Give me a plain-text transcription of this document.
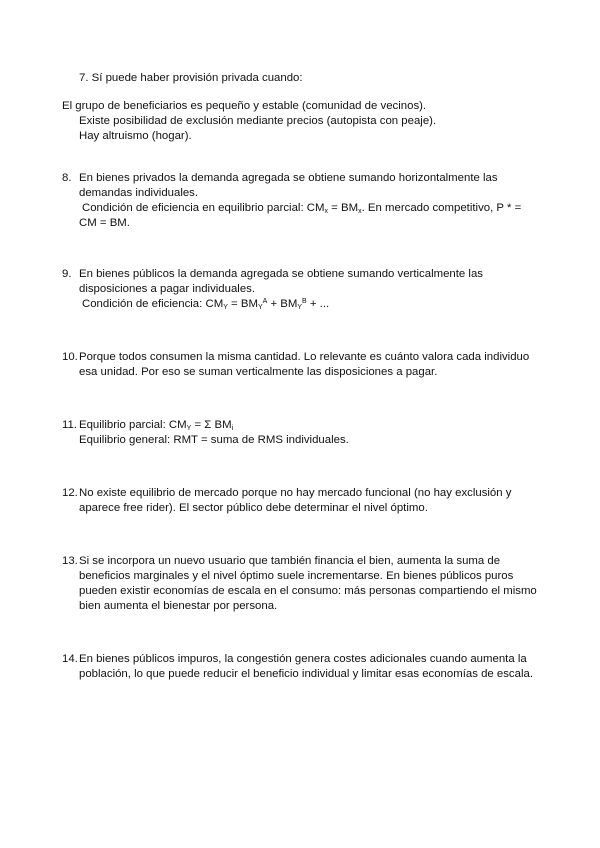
7. Sí puede haber provisión privada cuando:
El grupo de beneficiarios es pequeño y estable (comunidad de vecinos).
Existe posibilidad de exclusión mediante precios (autopista con peaje).
Hay altruismo (hogar).
8. En bienes privados la demanda agregada se obtiene sumando horizontalmente las
demandas individuales.
Condición de eficiencia en equilibrio parcial: $CM_x = BM_x$. En mercado competitivo, P * =
CM = BM.
9. En bienes públicos la demanda agregada se obtiene sumando verticalmente las
disposiciones a pagar individuales.
Condición de eficiencia: $CM_Y = BM_Y^A + BM_Y^B$ + ...
10. Porque todos consumen la misma cantidad. Lo relevante es cuánto valora cada individuo
esa unidad. Por eso se suman verticalmente las disposiciones a pagar.
11. Equilibrio parcial: $CM_Y = \Sigma$ $BM_i$
Equilibrio general: RMT = suma de RMS individuales.
12. No existe equilibrio de mercado porque no hay mercado funcional (no hay exclusión y
aparece free rider). El sector público debe determinar el nivel óptimo.
13. Si se incorpora un nuevo usuario que también financia el bien, aumenta la suma de
beneficios marginales y el nivel óptimo suele incrementarse. En bienes públicos puros
pueden existir economías de escala en el consumo: más personas compartiendo el mismo
bien aumenta el bienestar por persona.
14. En bienes públicos impuros, la congestión genera costes adicionales cuando aumenta la
población, lo que puede reducir el beneficio individual y limitar esas economías de escala.
